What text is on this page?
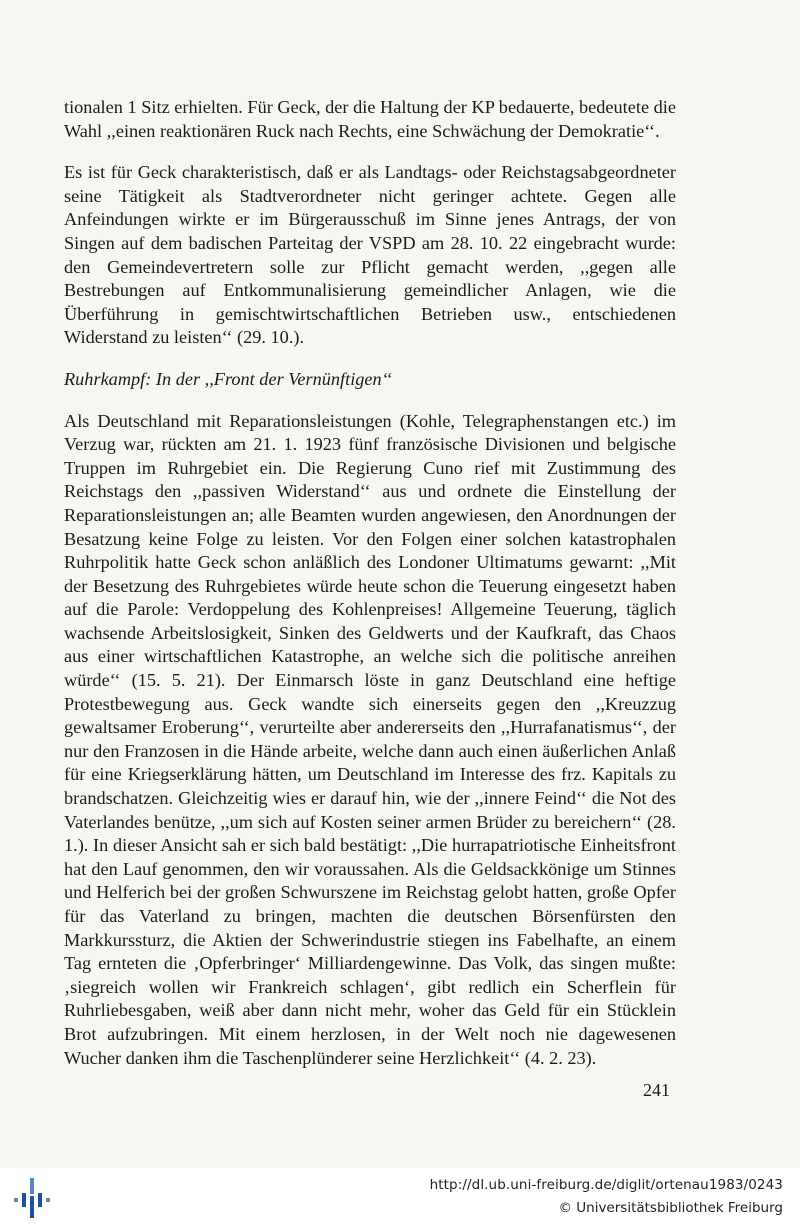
tionalen 1 Sitz erhielten. Für Geck, der die Haltung der KP bedauerte, bedeutete die Wahl ,,einen reaktionären Ruck nach Rechts, eine Schwächung der Demokratie‘‘.

Es ist für Geck charakteristisch, daß er als Landtags- oder Reichstagsabgeordneter seine Tätigkeit als Stadtverordneter nicht geringer achtete. Gegen alle Anfeindungen wirkte er im Bürgerausschuß im Sinne jenes Antrags, der von Singen auf dem badischen Parteitag der VSPD am 28. 10. 22 eingebracht wurde: den Gemeindevertretern solle zur Pflicht gemacht werden, ,,gegen alle Bestrebungen auf Entkommunalisierung gemeindlicher Anlagen, wie die Überführung in gemischtwirtschaftlichen Betrieben usw., entschiedenen Widerstand zu leisten‘‘ (29. 10.).

Ruhrkampf: In der ,,Front der Vernünftigen‘‘

Als Deutschland mit Reparationsleistungen (Kohle, Telegraphenstangen etc.) im Verzug war, rückten am 21. 1. 1923 fünf französische Divisionen und belgische Truppen im Ruhrgebiet ein. Die Regierung Cuno rief mit Zustimmung des Reichstags den ,,passiven Widerstand‘‘ aus und ordnete die Einstellung der Reparationsleistungen an; alle Beamten wurden angewiesen, den Anordnungen der Besatzung keine Folge zu leisten. Vor den Folgen einer solchen katastrophalen Ruhrpolitik hatte Geck schon anläßlich des Londoner Ultimatums gewarnt: ,,Mit der Besetzung des Ruhrgebietes würde heute schon die Teuerung eingesetzt haben auf die Parole: Verdoppelung des Kohlenpreises! Allgemeine Teuerung, täglich wachsende Arbeitslosigkeit, Sinken des Geldwerts und der Kaufkraft, das Chaos aus einer wirtschaftlichen Katastrophe, an welche sich die politische anreihen würde‘‘ (15. 5. 21). Der Einmarsch löste in ganz Deutschland eine heftige Protestbewegung aus. Geck wandte sich einerseits gegen den ,,Kreuzzug gewaltsamer Eroberung‘‘, verurteilte aber andererseits den ,,Hurrafanatismus‘‘, der nur den Franzosen in die Hände arbeite, welche dann auch einen äußerlichen Anlaß für eine Kriegserklärung hätten, um Deutschland im Interesse des frz. Kapitals zu brandschatzen. Gleichzeitig wies er darauf hin, wie der ,,innere Feind‘‘ die Not des Vaterlandes benütze, ,,um sich auf Kosten seiner armen Brüder zu bereichern‘‘ (28. 1.). In dieser Ansicht sah er sich bald bestätigt: ,,Die hurrapatriotische Einheitsfront hat den Lauf genommen, den wir voraussahen. Als die Geldsackkönige um Stinnes und Helferich bei der großen Schwurszene im Reichstag gelobt hatten, große Opfer für das Vaterland zu bringen, machten die deutschen Börsenfürsten den Markkurssturz, die Aktien der Schwerindustrie stiegen ins Fabelhafte, an einem Tag ernteten die ‚Opferbringer‘ Milliardengewinne. Das Volk, das singen mußte: ‚siegreich wollen wir Frankreich schlagen‘, gibt redlich ein Scherflein für Ruhrliebesgaben, weiß aber dann nicht mehr, woher das Geld für ein Stücklein Brot aufzubringen. Mit einem herzlosen, in der Welt noch nie dagewesenen Wucher danken ihm die Taschenplünderer seine Herzlichkeit‘‘ (4. 2. 23).

241
http://dl.ub.uni-freiburg.de/diglit/ortenau1983/0243
© Universitätsbibliothek Freiburg
